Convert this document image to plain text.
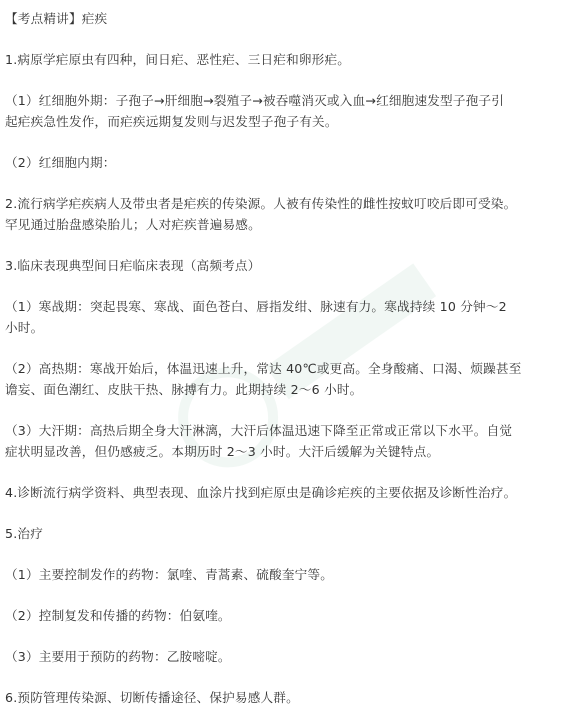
【考点精讲】疟疾

1.病原学疟原虫有四种，间日疟、恶性疟、三日疟和卵形疟。

（1）红细胞外期：子孢子→肝细胞→裂殖子→被吞噬消灭或入血→红细胞速发型子孢子引

起疟疾急性发作，而疟疾远期复发则与迟发型子孢子有关。

（2）红细胞内期：

2.流行病学疟疾病人及带虫者是疟疾的传染源。人被有传染性的雌性按蚊叮咬后即可受染。

罕见通过胎盘感染胎儿；人对疟疾普遍易感。

3.临床表现典型间日疟临床表现（高频考点）

（1）寒战期：突起畏寒、寒战、面色苍白、唇指发绀、脉速有力。寒战持续 10 分钟～2

小时。

（2）高热期：寒战开始后，体温迅速上升，常达 40℃或更高。全身酸痛、口渴、烦躁甚至

谵妄、面色潮红、皮肤干热、脉搏有力。此期持续 2～6 小时。

（3）大汗期：高热后期全身大汗淋漓，大汗后体温迅速下降至正常或正常以下水平。自觉

症状明显改善，但仍感疲乏。本期历时 2～3 小时。大汗后缓解为关键特点。

4.诊断流行病学资料、典型表现、血涂片找到疟原虫是确诊疟疾的主要依据及诊断性治疗。

5.治疗

（1）主要控制发作的药物：氯喹、青蒿素、硫酸奎宁等。

（2）控制复发和传播的药物：伯氨喹。

（3）主要用于预防的药物：乙胺嘧啶。

6.预防管理传染源、切断传播途径、保护易感人群。
